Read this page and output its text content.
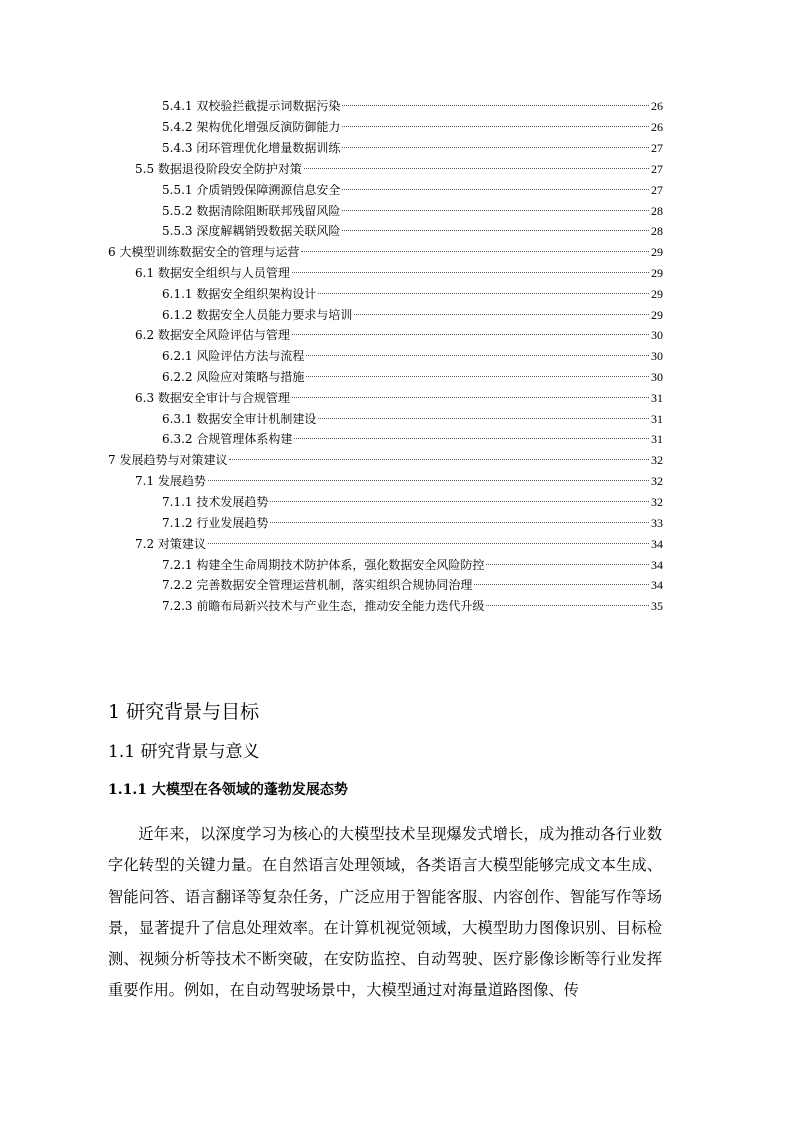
5.4.1 双校验拦截提示词数据污染	26
5.4.2 架构优化增强反演防御能力	26
5.4.3 闭环管理优化增量数据训练	27
5.5 数据退役阶段安全防护对策	27
5.5.1 介质销毁保障溯源信息安全	27
5.5.2 数据清除阻断联邦残留风险	28
5.5.3 深度解耦销毁数据关联风险	28
6 大模型训练数据安全的管理与运营	29
6.1 数据安全组织与人员管理	29
6.1.1 数据安全组织架构设计	29
6.1.2 数据安全人员能力要求与培训	29
6.2 数据安全风险评估与管理	30
6.2.1 风险评估方法与流程	30
6.2.2 风险应对策略与措施	30
6.3 数据安全审计与合规管理	31
6.3.1 数据安全审计机制建设	31
6.3.2 合规管理体系构建	31
7 发展趋势与对策建议	32
7.1 发展趋势	32
7.1.1 技术发展趋势	32
7.1.2 行业发展趋势	33
7.2 对策建议	34
7.2.1 构建全生命周期技术防护体系，强化数据安全风险防控	34
7.2.2 完善数据安全管理运营机制，落实组织合规协同治理	34
7.2.3 前瞻布局新兴技术与产业生态，推动安全能力迭代升级	35
1 研究背景与目标
1.1 研究背景与意义
1.1.1 大模型在各领域的蓬勃发展态势

近年来，以深度学习为核心的大模型技术呈现爆发式增长，成为推动各行业数字化转型的关键力量。在自然语言处理领域，各类语言大模型能够完成文本生成、智能问答、语言翻译等复杂任务，广泛应用于智能客服、内容创作、智能写作等场景，显著提升了信息处理效率。在计算机视觉领域，大模型助力图像识别、目标检测、视频分析等技术不断突破，在安防监控、自动驾驶、医疗影像诊断等行业发挥重要作用。例如，在自动驾驶场景中，大模型通过对海量道路图像、传
